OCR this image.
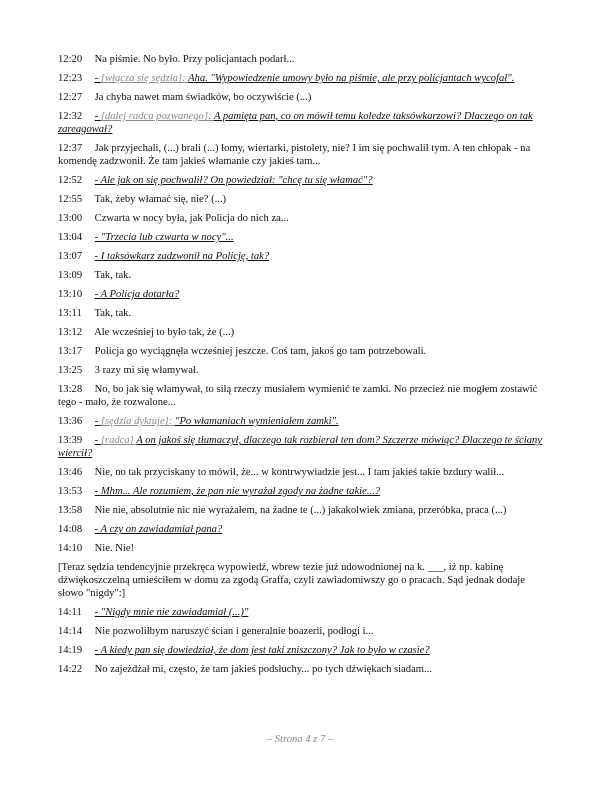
12:20 Na piśmie. No było. Przy policjantach podarł...
12:23 - [włącza się sędzia]: Aha. "Wypowiedzenie umowy było na piśmie, ale przy policjantach wycofał".
12:27 Ja chyba nawet mam świadków, bo oczywiście (...)
12:32 - [dalej radca pozwanego]: A pamięta pan, co on mówił temu koledze taksówkarzowi? Dlaczego on tak zareagował?
12:37 Jak przyjechali, (...) brali (...) łomy, wiertarki, pistolety, nie? I im się pochwalił tym. A ten chłopak - na komendę zadzwonił. Że tam jakieś włamanie czy jakieś tam...
12:52 - Ale jak on się pochwalił? On powiedział: "chcę tu się włamać"?
12:55 Tak, żeby włamać się, nie? (...)
13:00 Czwarta w nocy była, jak Policja do nich za...
13:04 - "Trzecia lub czwarta w nocy"...
13:07 - I taksówkarz zadzwonił na Policję, tak?
13:09 Tak, tak.
13:10 - A Policja dotarła?
13:11 Tak, tak.
13:12 Ale wcześniej to było tak, że (...)
13:17 Policja go wyciągnęła wcześniej jeszcze. Coś tam, jakoś go tam potrzebowali.
13:25 3 razy mi się włamywał.
13:28 No, bo jak się włamywał, to siłą rzeczy musiałem wymienić te zamki. No przecież nie mogłem zostawić tego - mało, że rozwalone...
13:36 - [sędzia dyktuje]: "Po włamaniach wymieniałem zamki".
13:39 - [radca] A on jakoś się tłumaczył, dlaczego tak rozbierał ten dom? Szczerze mówiąc? Dlaczego te ściany wiercił?
13:46 Nie, no tak przyciskany to mówił, że... w kontrwywiadzie jest... I tam jakieś takie bzdury walił...
13:53 - Mhm... Ale rozumiem, że pan nie wyrażał zgody na żadne takie...?
13:58 Nie nie, absolutnie nic nie wyrażałem, na żadne te (...) jakakolwiek zmiana, przeróbka, praca (...)
14:08 - A czy on zawiadamiał pana?
14:10 Nie. Nie!
[Teraz sędzia tendencyjnie przekręca wypowiedź, wbrew tezie już udowodnionej na k. ___, iż np. kabinę dźwiękoszczelną umieściłem w domu za zgodą Graffa, czyli zawiadomiwszy go o pracach. Sąd jednak dodaje słowo "nigdy":]
14:11 - "Nigdy mnie nie zawiadamiał (...)"
14:14 Nie pozwoliłbym naruszyć ścian i generalnie boazerii, podłogi i...
14:19 - A kiedy pan się dowiedział, że dom jest taki zniszczony? Jak to było w czasie?
14:22 No zajeżdżał mi, często, że tam jakieś podsłuchy... po tych dźwiękach siadam...
– Strona 4 z 7 –
